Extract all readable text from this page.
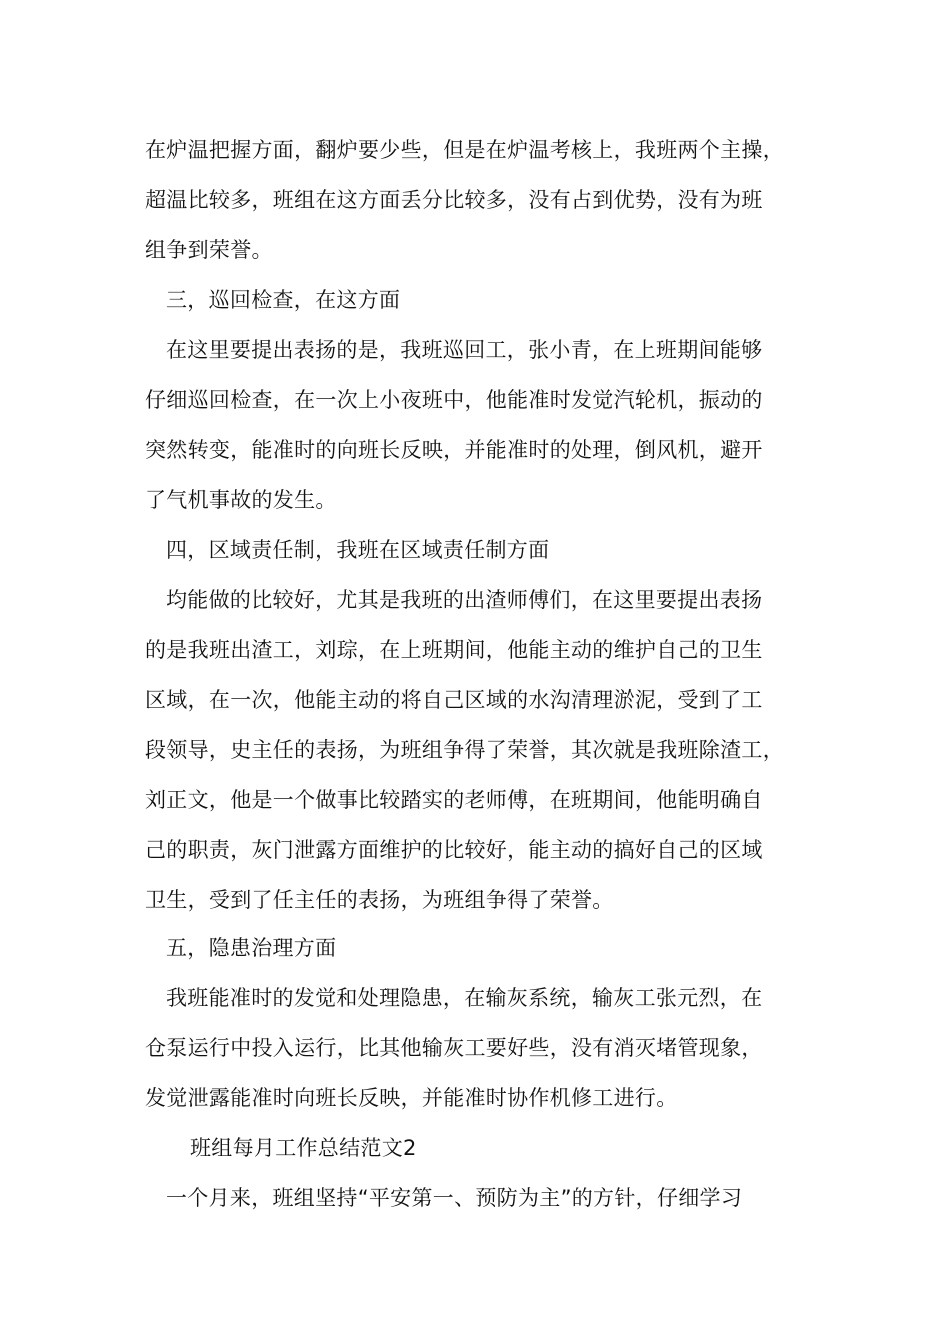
在炉温把握方面，翻炉要少些，但是在炉温考核上，我班两个主操，
超温比较多，班组在这方面丢分比较多，没有占到优势，没有为班
组争到荣誉。
三，巡回检查，在这方面
在这里要提出表扬的是，我班巡回工，张小青，在上班期间能够
仔细巡回检查，在一次上小夜班中，他能准时发觉汽轮机，振动的
突然转变，能准时的向班长反映，并能准时的处理，倒风机，避开
了气机事故的发生。
四，区域责任制，我班在区域责任制方面
均能做的比较好，尤其是我班的出渣师傅们，在这里要提出表扬
的是我班出渣工，刘琮，在上班期间，他能主动的维护自己的卫生
区域，在一次，他能主动的将自己区域的水沟清理淤泥，受到了工
段领导，史主任的表扬，为班组争得了荣誉，其次就是我班除渣工，
刘正文，他是一个做事比较踏实的老师傅，在班期间，他能明确自
己的职责，灰门泄露方面维护的比较好，能主动的搞好自己的区域
卫生，受到了任主任的表扬，为班组争得了荣誉。
五，隐患治理方面
我班能准时的发觉和处理隐患，在输灰系统，输灰工张元烈，在
仓泵运行中投入运行，比其他输灰工要好些，没有消灭堵管现象，
发觉泄露能准时向班长反映，并能准时协作机修工进行。
班组每月工作总结范文2
一个月来，班组坚持“平安第一、预防为主”的方针，仔细学习
